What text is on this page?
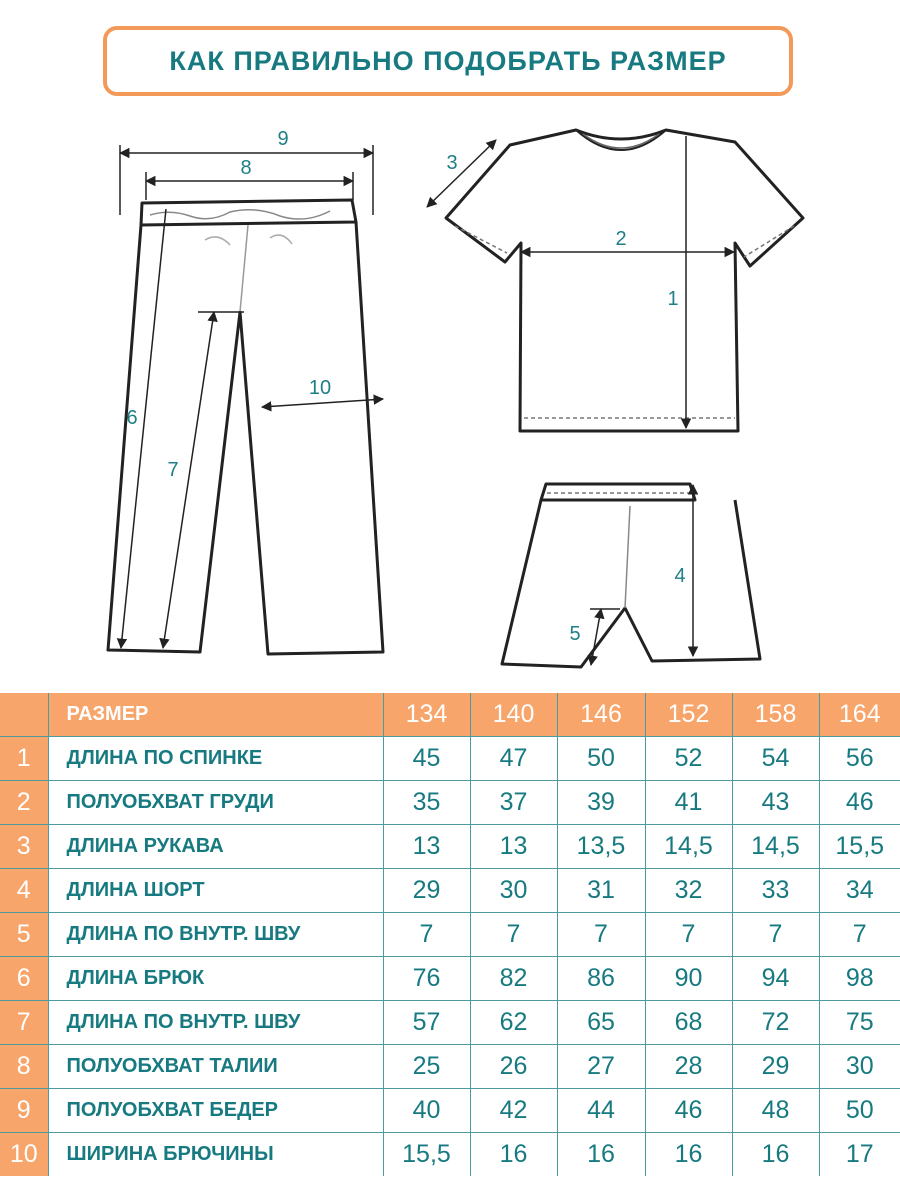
КАК ПРАВИЛЬНО ПОДОБРАТЬ РАЗМЕР
9
8
6
7
10
3
2
1
4
5
	РАЗМЕР	134	140	146	152	158	164
1	ДЛИНА ПО СПИНКЕ	45	47	50	52	54	56
2	ПОЛУОБХВАТ ГРУДИ	35	37	39	41	43	46
3	ДЛИНА РУКАВА	13	13	13,5	14,5	14,5	15,5
4	ДЛИНА ШОРТ	29	30	31	32	33	34
5	ДЛИНА ПО ВНУТР. ШВУ	7	7	7	7	7	7
6	ДЛИНА БРЮК	76	82	86	90	94	98
7	ДЛИНА ПО ВНУТР. ШВУ	57	62	65	68	72	75
8	ПОЛУОБХВАТ ТАЛИИ	25	26	27	28	29	30
9	ПОЛУОБХВАТ БЕДЕР	40	42	44	46	48	50
10	ШИРИНА БРЮЧИНЫ	15,5	16	16	16	16	17
